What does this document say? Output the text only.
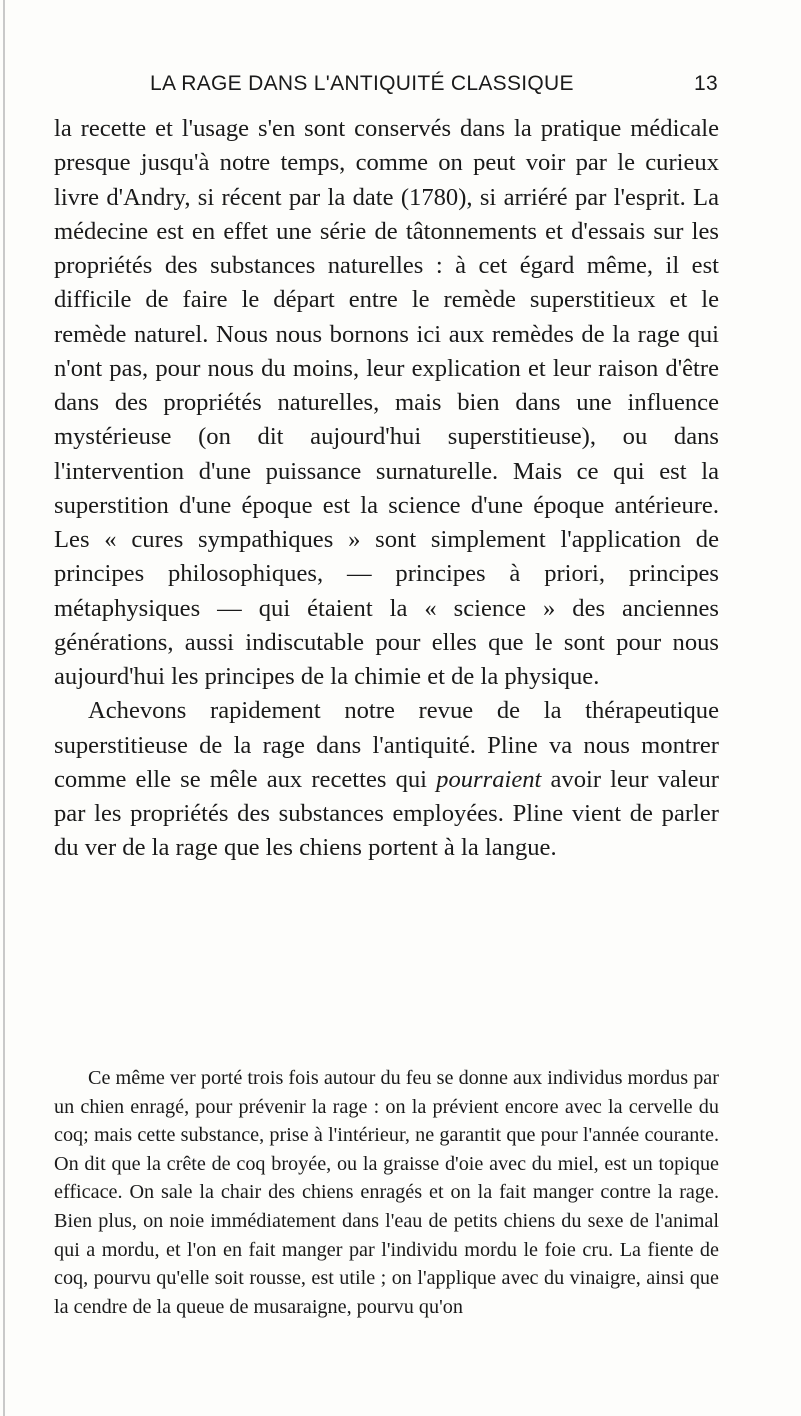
LA RAGE DANS L'ANTIQUITÉ CLASSIQUE	13

la recette et l'usage s'en sont conservés dans la pratique médicale presque jusqu'à notre temps, comme on peut voir par le curieux livre d'Andry, si récent par la date (1780), si arriéré par l'esprit. La médecine est en effet une série de tâtonnements et d'essais sur les propriétés des substances naturelles : à cet égard même, il est difficile de faire le départ entre le remède superstitieux et le remède naturel. Nous nous bornons ici aux remèdes de la rage qui n'ont pas, pour nous du moins, leur explication et leur raison d'être dans des propriétés naturelles, mais bien dans une influence mystérieuse (on dit aujourd'hui superstitieuse), ou dans l'intervention d'une puissance surnaturelle. Mais ce qui est la superstition d'une époque est la science d'une époque antérieure. Les « cures sympathiques » sont simplement l'application de principes philosophiques, — principes à priori, principes métaphysiques — qui étaient la « science » des anciennes générations, aussi indiscutable pour elles que le sont pour nous aujourd'hui les principes de la chimie et de la physique.

Achevons rapidement notre revue de la thérapeutique superstitieuse de la rage dans l'antiquité. Pline va nous montrer comme elle se mêle aux recettes qui pourraient avoir leur valeur par les propriétés des substances employées. Pline vient de parler du ver de la rage que les chiens portent à la langue.

Ce même ver porté trois fois autour du feu se donne aux individus mordus par un chien enragé, pour prévenir la rage : on la prévient encore avec la cervelle du coq; mais cette substance, prise à l'intérieur, ne garantit que pour l'année courante. On dit que la crête de coq broyée, ou la graisse d'oie avec du miel, est un topique efficace. On sale la chair des chiens enragés et on la fait manger contre la rage. Bien plus, on noie immédiatement dans l'eau de petits chiens du sexe de l'animal qui a mordu, et l'on en fait manger par l'individu mordu le foie cru. La fiente de coq, pourvu qu'elle soit rousse, est utile ; on l'applique avec du vinaigre, ainsi que la cendre de la queue de musaraigne, pourvu qu'on
